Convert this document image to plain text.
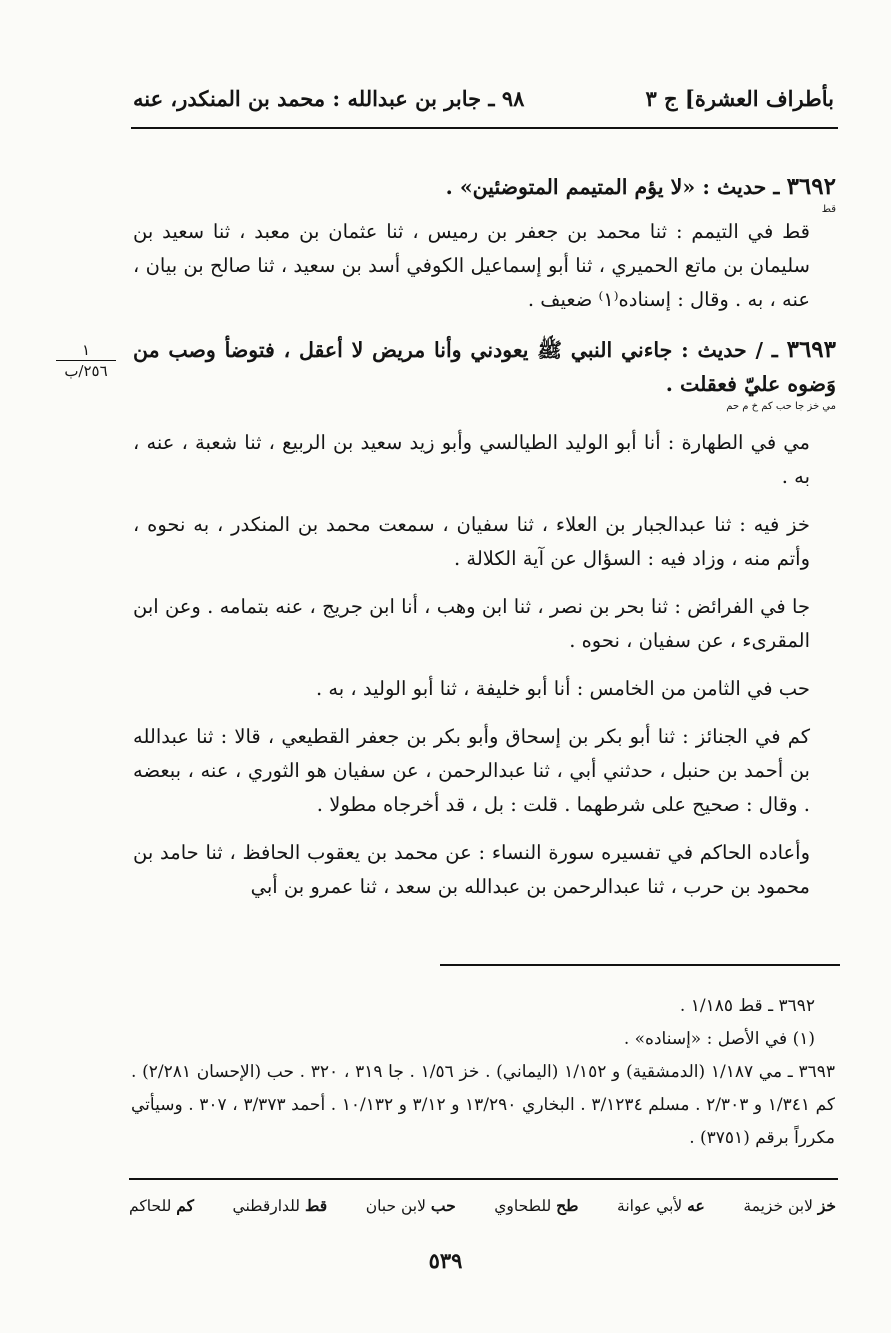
بأطراف العشرة] ج ٣
٩٨ ـ جابر بن عبدالله : محمد بن المنكدر، عنه
١
٢٥٦/ب

٣٦٩٢ ـ حديث : «لا يؤم المتيمم المتوضئين» .

قط

قط في التيمم : ثنا محمد بن جعفر بن رميس ، ثنا عثمان بن معبد ، ثنا سعيد بن سليمان بن ماتع الحميري ، ثنا أبو إسماعيل الكوفي أسد بن سعيد ، ثنا صالح بن بيان ، عنه ، به . وقال : إسناده⁽١⁾ ضعيف .

٣٦٩٣ ـ / حديث : جاءني النبي ﷺ يعودني وأنا مريض لا أعقل ، فتوضأ وصب من وَضوه عليّ فعقلت .

مي خز جا حب كم خ م حم

مي في الطهارة : أنا أبو الوليد الطيالسي وأبو زيد سعيد بن الربيع ، ثنا شعبة ، عنه ، به .

خز فيه : ثنا عبدالجبار بن العلاء ، ثنا سفيان ، سمعت محمد بن المنكدر ، به نحوه ، وأتم منه ، وزاد فيه : السؤال عن آية الكلالة .

جا في الفرائض : ثنا بحر بن نصر ، ثنا ابن وهب ، أنا ابن جريج ، عنه بتمامه . وعن ابن المقرىء ، عن سفيان ، نحوه .

حب في الثامن من الخامس : أنا أبو خليفة ، ثنا أبو الوليد ، به .

كم في الجنائز : ثنا أبو بكر بن إسحاق وأبو بكر بن جعفر القطيعي ، قالا : ثنا عبدالله بن أحمد بن حنبل ، حدثني أبي ، ثنا عبدالرحمن ، عن سفيان هو الثوري ، عنه ، ببعضه . وقال : صحيح على شرطهما . قلت : بل ، قد أخرجاه مطولا .

وأعاده الحاكم في تفسيره سورة النساء : عن محمد بن يعقوب الحافظ ، ثنا حامد بن محمود بن حرب ، ثنا عبدالرحمن بن عبدالله بن سعد ، ثنا عمرو بن أبي

٣٦٩٢ ـ قط ١/١٨٥ .

(١) في الأصل : «إسناده» .

٣٦٩٣ ـ مي ١/١٨٧ (الدمشقية) و ١/١٥٢ (اليماني) . خز ١/٥٦ . جا ٣١٩ ، ٣٢٠ . حب (الإحسان ٢/٢٨١) . كم ١/٣٤١ و ٢/٣٠٣ . مسلم ٣/١٢٣٤ . البخاري ١٣/٢٩٠ و ٣/١٢ و ١٠/١٣٢ . أحمد ٣/٣٧٣ ، ٣٠٧ . وسيأتي مكرراً برقم (٣٧٥١) .

خز لابن خزيمة
عه لأبي عوانة
طح للطحاوي
حب لابن حبان
قط للدارقطني
كم للحاكم
٥٣٩
